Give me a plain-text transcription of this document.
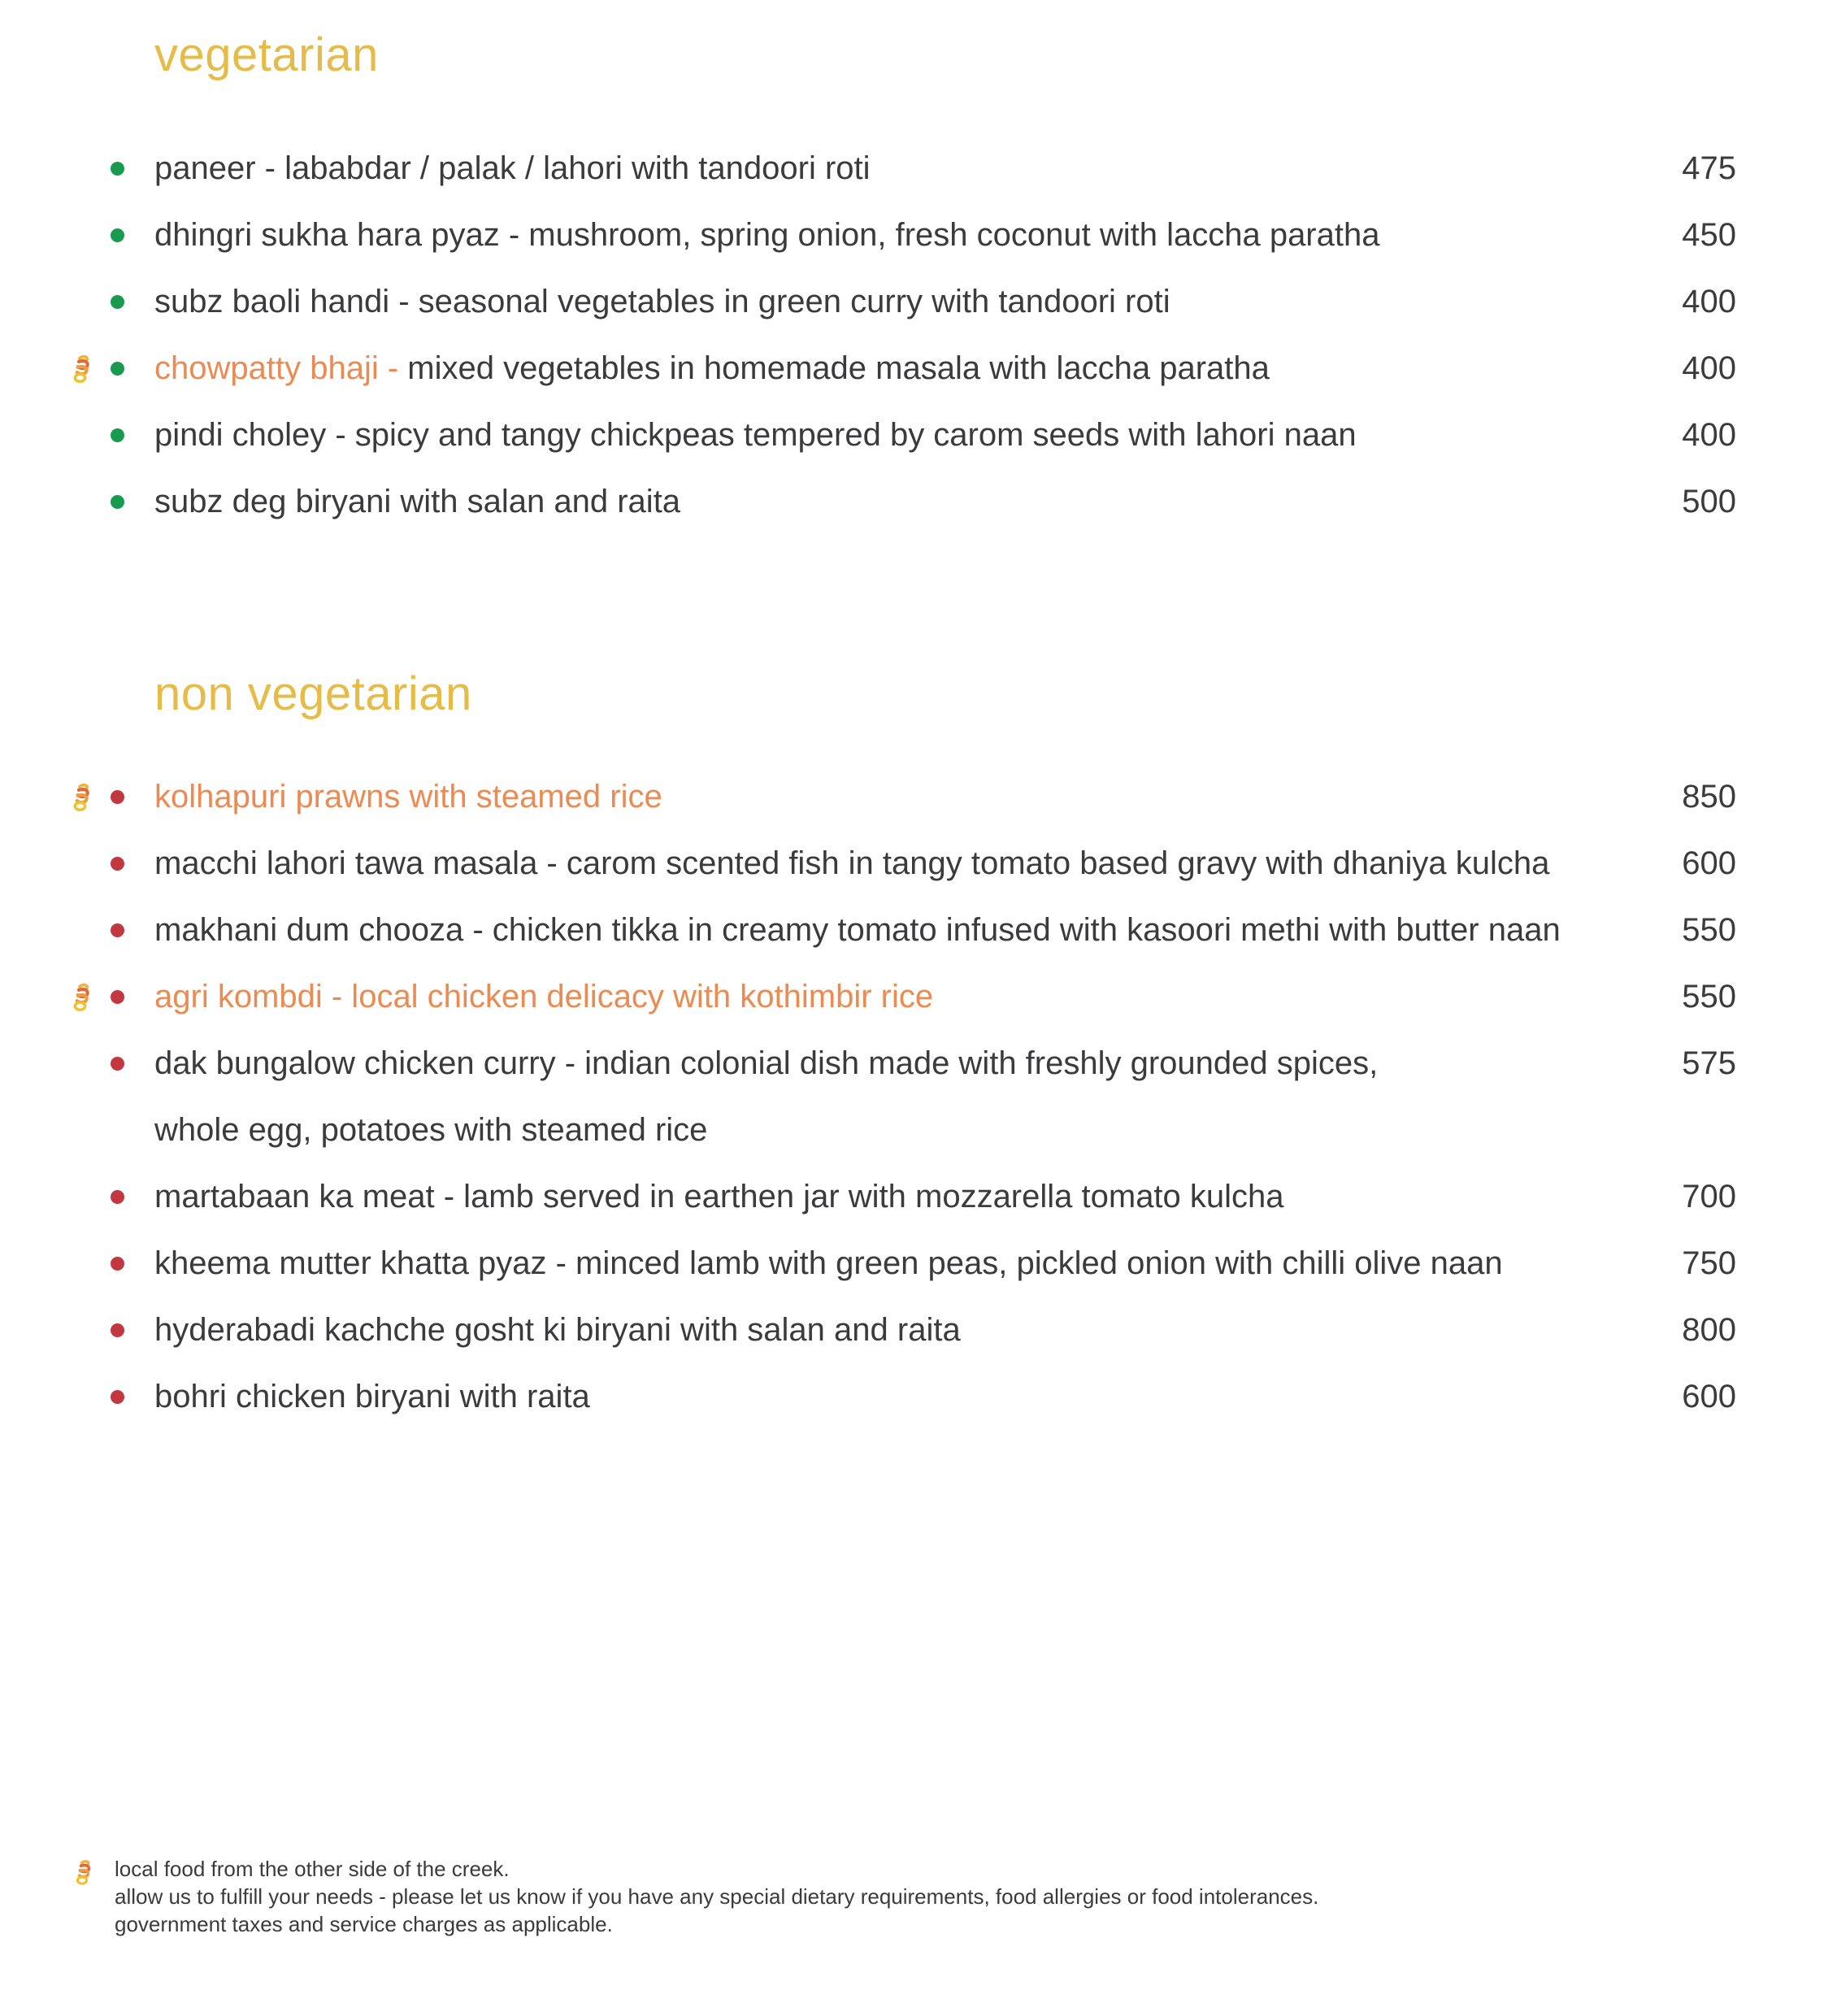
vegetarian
paneer - lababdar / palak / lahori with tandoori roti	475
dhingri sukha hara pyaz - mushroom, spring onion, fresh coconut with laccha paratha	450
subz baoli handi - seasonal vegetables in green curry with tandoori roti	400
chowpatty bhaji - mixed vegetables in homemade masala with laccha paratha	400
pindi choley - spicy and tangy chickpeas tempered by carom seeds with lahori naan	400
subz deg biryani with salan and raita	500
non vegetarian
kolhapuri prawns with steamed rice	850
macchi lahori tawa masala - carom scented fish in tangy tomato based gravy with dhaniya kulcha	600
makhani dum chooza - chicken tikka in creamy tomato infused with kasoori methi with butter naan	550
agri kombdi - local chicken delicacy with kothimbir rice	550
dak bungalow chicken curry - indian colonial dish made with freshly grounded spices,	575
whole egg, potatoes with steamed rice
martabaan ka meat - lamb served in earthen jar with mozzarella tomato kulcha	700
kheema mutter khatta pyaz - minced lamb with green peas, pickled onion with chilli olive naan	750
hyderabadi kachche gosht ki biryani with salan and raita	800
bohri chicken biryani with raita	600
local food from the other side of the creek.
allow us to fulfill your needs - please let us know if you have any special dietary requirements, food allergies or food intolerances.
government taxes and service charges as applicable.
